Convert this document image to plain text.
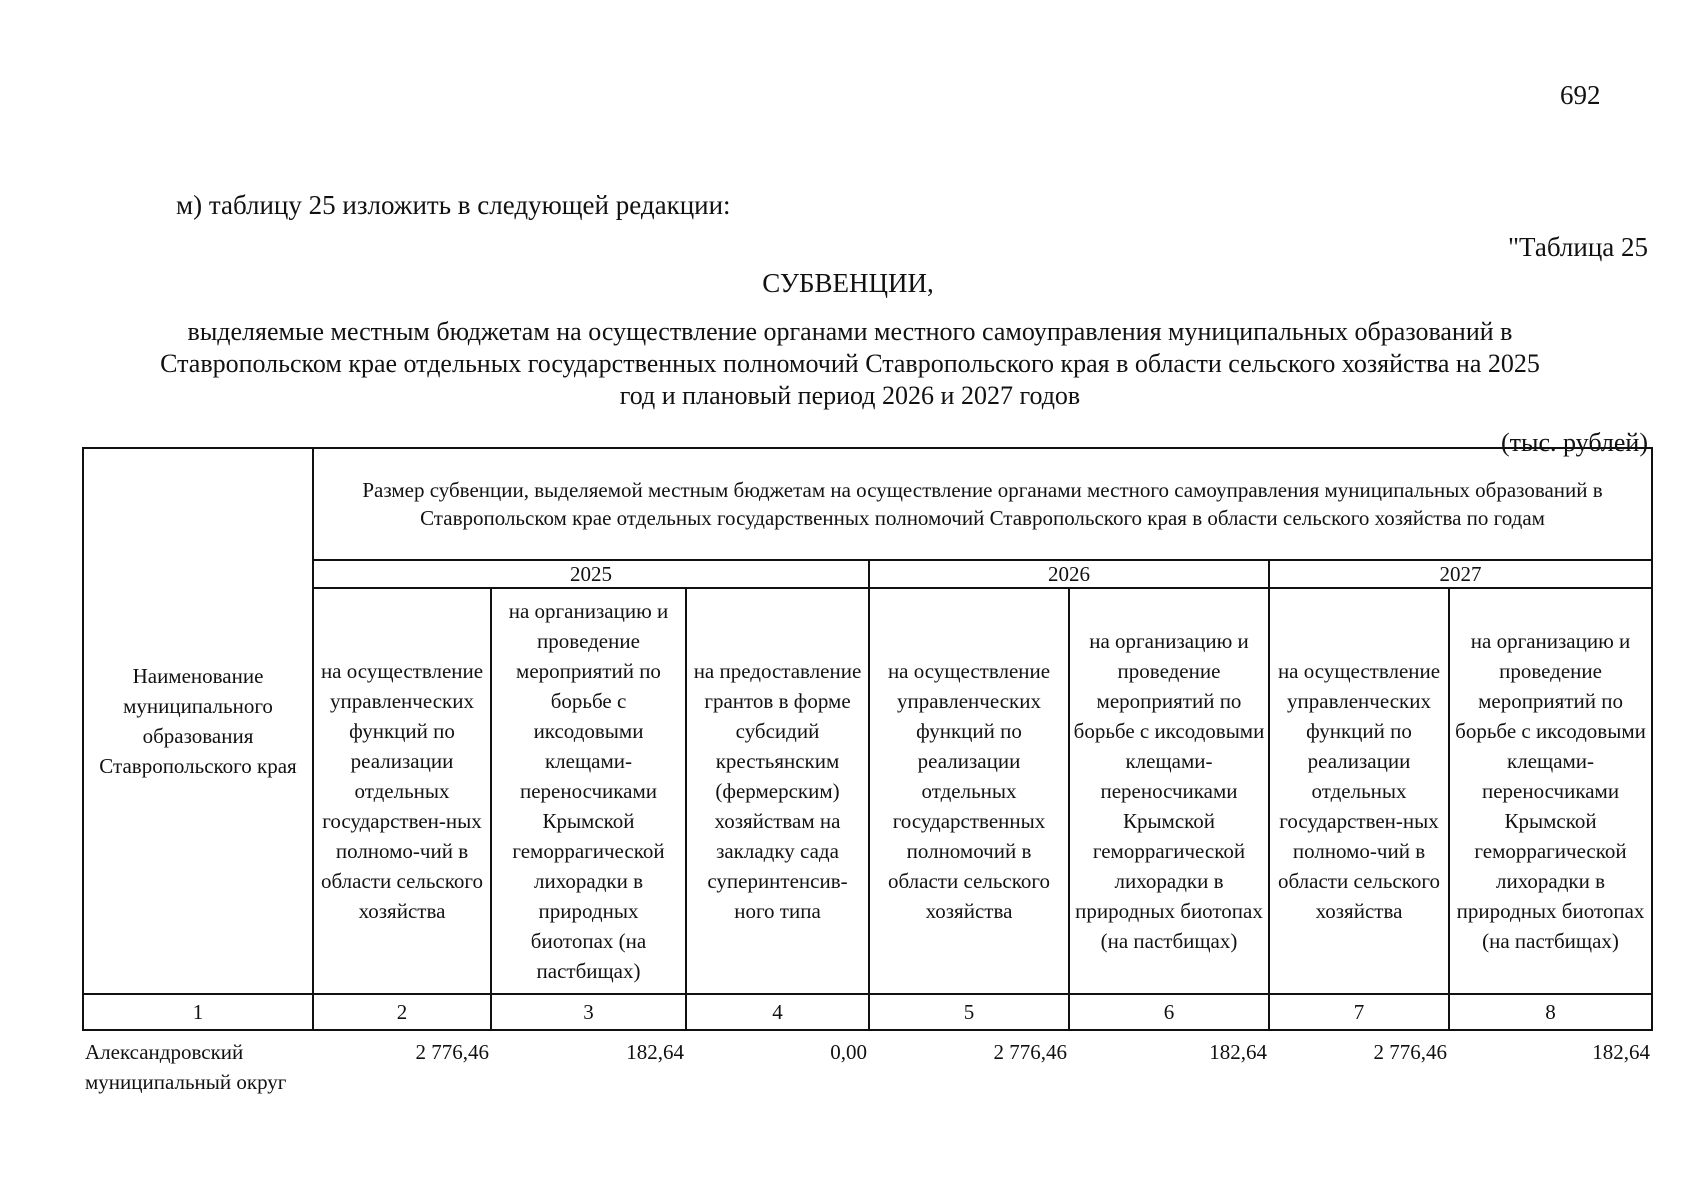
692
м) таблицу 25 изложить в следующей редакции:
"Таблица 25
СУБВЕНЦИИ,
выделяемые местным бюджетам на осуществление органами местного самоуправления муниципальных образований в Ставропольском крае отдельных государственных полномочий Ставропольского края в области сельского хозяйства на 2025 год и плановый период 2026 и 2027 годов
(тыс. рублей)
Наименование муниципального образования Ставропольского края	Размер субвенции, выделяемой местным бюджетам на осуществление органами местного самоуправления муниципальных образований в Ставропольском крае отдельных государственных полномочий Ставропольского края в области сельского хозяйства по годам						
	2025			2026		2027	
	на осуществление управленческих функций по реализации отдельных государствен-ных полномо-чий в области сельского хозяйства	на организацию и проведение мероприятий по борьбе с иксодовыми клещами-переносчиками Крымской геморрагической лихорадки в природных биотопах (на пастбищах)	на предоставление грантов в форме субсидий крестьянским (фермерским) хозяйствам на закладку сада суперинтенсив-ного типа	на осуществление управленческих функций по реализации отдельных государственных полномочий в области сельского хозяйства	на организацию и проведение мероприятий по борьбе с иксодовыми клещами-переносчиками Крымской геморрагической лихорадки в природных биотопах (на пастбищах)	на осуществление управленческих функций по реализации отдельных государствен-ных полномо-чий в области сельского хозяйства	на организацию и проведение мероприятий по борьбе с иксодовыми клещами-переносчиками Крымской геморрагической лихорадки в природных биотопах (на пастбищах)
1	2	3	4	5	6	7	8
Александровский муниципальный округ	2 776,46	182,64	0,00	2 776,46	182,64	2 776,46	182,64
